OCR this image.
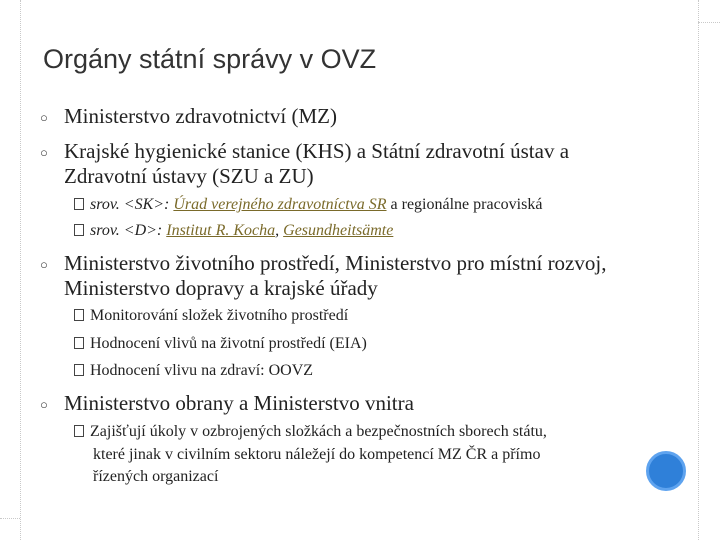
Orgány státní správy v OVZ
○ Ministerstvo zdravotnictví (MZ)
○ Krajské hygienické stanice (KHS) a Státní zdravotní ústav a
Zdravotní ústavy (SZU a ZU)
srov. <SK>: Úrad verejného zdravotníctva SR a regionálne pracoviská
srov. <D>: Institut R. Kocha, Gesundheitsämte
○ Ministerstvo životního prostředí, Ministerstvo pro místní rozvoj,
Ministerstvo dopravy a krajské úřady
Monitorování složek životního prostředí
Hodnocení vlivů na životní prostředí (EIA)
Hodnocení vlivu na zdraví: OOVZ
○ Ministerstvo obrany a Ministerstvo vnitra
Zajišťují úkoly v ozbrojených složkách a bezpečnostních sborech státu,
které jinak v civilním sektoru náležejí do kompetencí MZ ČR a přímo
řízených organizací
